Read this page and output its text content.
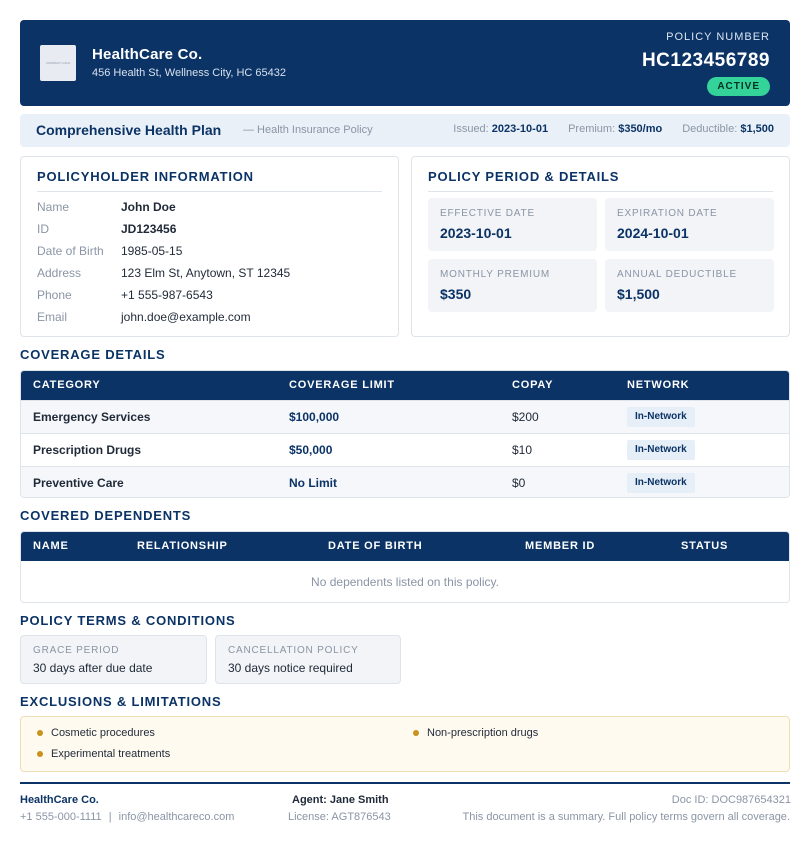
COMPANY LOGO HealthCare Co.
456 Health St, Wellness City, HC 65432
POLICY NUMBER
HC123456789
ACTIVE
Comprehensive Health Plan — Health Insurance Policy	Issued: 2023-10-01 Premium: $350/mo Deductible: $1,500
POLICYHOLDER INFORMATION
Name	John Doe
ID	JD123456
Date of Birth	1985-05-15
Address	123 Elm St, Anytown, ST 12345
Phone	+1 555-987-6543
Email	john.doe@example.com
POLICY PERIOD & DETAILS
EFFECTIVE DATE
2023-10-01
EXPIRATION DATE
2024-10-01
MONTHLY PREMIUM
$350
ANNUAL DEDUCTIBLE
$1,500
COVERAGE DETAILS
CATEGORY	COVERAGE LIMIT	COPAY	NETWORK
Emergency Services	$100,000	$200	In-Network
Prescription Drugs	$50,000	$10	In-Network
Preventive Care	No Limit	$0	In-Network
COVERED DEPENDENTS
NAME	RELATIONSHIP	DATE OF BIRTH	MEMBER ID	STATUS
No dependents listed on this policy.
POLICY TERMS & CONDITIONS
GRACE PERIOD
30 days after due date
CANCELLATION POLICY
30 days notice required
EXCLUSIONS & LIMITATIONS
Cosmetic procedures	Non-prescription drugs
Experimental treatments
HealthCare Co.
+1 555-000-1111 | info@healthcareco.com
Agent: Jane Smith
License: AGT876543
Doc ID: DOC987654321
This document is a summary. Full policy terms govern all coverage.
